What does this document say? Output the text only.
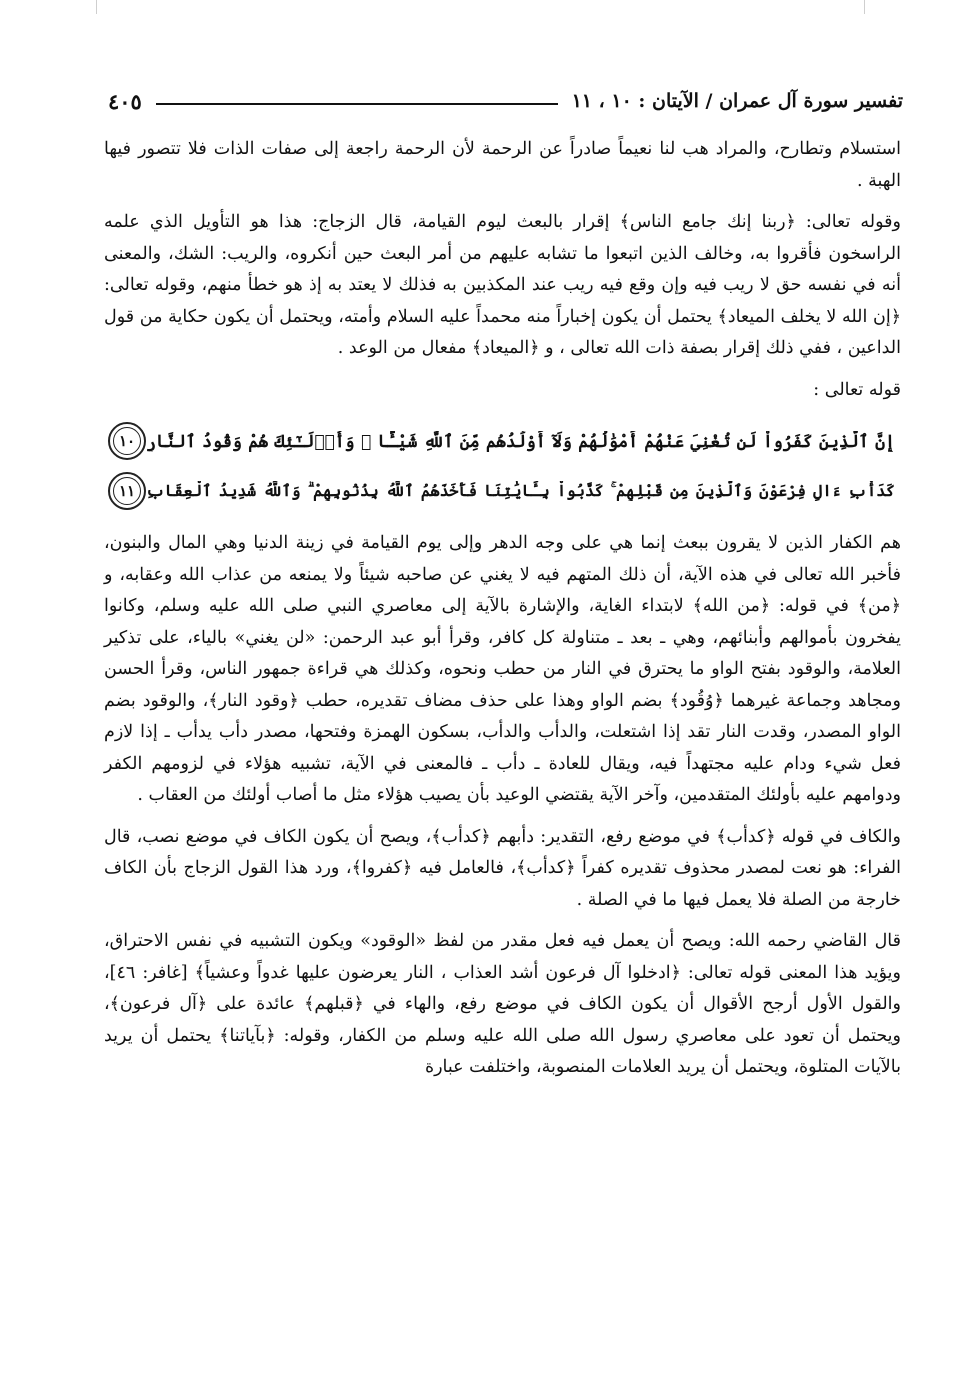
تفسير سورة آل عمران / الآيتان : ١٠ ، ١١
٤٠٥

استسلام وتطارح، والمراد هب لنا نعيماً صادراً عن الرحمة لأن الرحمة راجعة إلى صفات الذات فلا تتصور فيها الهبة .

وقوله تعالى: ﴿ربنا إنك جامع الناس﴾ إقرار بالبعث ليوم القيامة، قال الزجاج: هذا هو التأويل الذي علمه الراسخون فأقروا به، وخالف الذين اتبعوا ما تشابه عليهم من أمر البعث حين أنكروه، والريب: الشك، والمعنى أنه في نفسه حق لا ريب فيه وإن وقع فيه ريب عند المكذبين به فذلك لا يعتد به إذ هو خطأ منهم، وقوله تعالى: ﴿إن الله لا يخلف الميعاد﴾ يحتمل أن يكون إخباراً منه محمداً عليه السلام وأمته، ويحتمل أن يكون حكاية من قول الداعين ، ففي ذلك إقرار بصفة ذات الله تعالى ، و ﴿الميعاد﴾ مفعال من الوعد .

قوله تعالى :

إِنَّ ٱلَّذِينَ كَفَرُواْ لَن تُغْنِيَ عَنْهُمْ أَمْوَٰلُهُمْ وَلَآ أَوْلَٰدُهُم مِّنَ ٱللَّهِ شَيْـًٔا ۖ وَأُو۟لَـٰٓئِكَ هُمْ وَقُودُ ٱلنَّارِ
١٠
كَدَأْبِ ءَالِ فِرْعَوْنَ وَٱلَّذِينَ مِن قَبْلِهِمْ ۚ كَذَّبُواْ بِـَٔايَٰتِنَا فَأَخَذَهُمُ ٱللَّهُ بِذُنُوبِهِمْ ۗ وَٱللَّهُ شَدِيدُ ٱلْعِقَابِ
١١

هم الكفار الذين لا يقرون ببعث إنما هي على وجه الدهر وإلى يوم القيامة في زينة الدنيا وهي المال والبنون، فأخبر الله تعالى في هذه الآية، أن ذلك المتهم فيه لا يغني عن صاحبه شيئاً ولا يمنعه من عذاب الله وعقابه، و ﴿من﴾ في قوله: ﴿من الله﴾ لابتداء الغاية، والإشارة بالآية إلى معاصري النبي صلى الله عليه وسلم، وكانوا يفخرون بأموالهم وأبنائهم، وهي ـ بعد ـ متناولة كل كافر، وقرأ أبو عبد الرحمن: «لن يغني» بالياء، على تذكير العلامة، والوقود بفتح الواو ما يحترق في النار من حطب ونحوه، وكذلك هي قراءة جمهور الناس، وقرأ الحسن ومجاهد وجماعة غيرهما ﴿وُقُود﴾ بضم الواو وهذا على حذف مضاف تقديره، حطب ﴿وقود النار﴾، والوقود بضم الواو المصدر، وقدت النار تقد إذا اشتعلت، والدأب والدأب، بسكون الهمزة وفتحها، مصدر دأب يدأب ـ إذا لازم فعل شيء ودام عليه مجتهداً فيه، ويقال للعادة ـ دأب ـ فالمعنى في الآية، تشبيه هؤلاء في لزومهم الكفر ودوامهم عليه بأولئك المتقدمين، وآخر الآية يقتضي الوعيد بأن يصيب هؤلاء مثل ما أصاب أولئك من العقاب .

والكاف في قوله ﴿كدأب﴾ في موضع رفع، التقدير: دأبهم ﴿كدأب﴾، ويصح أن يكون الكاف في موضع نصب، قال الفراء: هو نعت لمصدر محذوف تقديره كفراً ﴿كدأب﴾، فالعامل فيه ﴿كفروا﴾، ورد هذا القول الزجاج بأن الكاف خارجة من الصلة فلا يعمل فيها ما في الصلة .

قال القاضي رحمه الله: ويصح أن يعمل فيه فعل مقدر من لفظ «الوقود» ويكون التشبيه في نفس الاحتراق، ويؤيد هذا المعنى قوله تعالى: ﴿ادخلوا آل فرعون أشد العذاب ، النار يعرضون عليها غدواً وعشياً﴾ [غافر: ٤٦]، والقول الأول أرجح الأقوال أن يكون الكاف في موضع رفع، والهاء في ﴿قبلهم﴾ عائدة على ﴿آل فرعون﴾، ويحتمل أن تعود على معاصري رسول الله صلى الله عليه وسلم من الكفار، وقوله: ﴿بآياتنا﴾ يحتمل أن يريد بالآيات المتلوة، ويحتمل أن يريد العلامات المنصوبة، واختلفت عبارة
